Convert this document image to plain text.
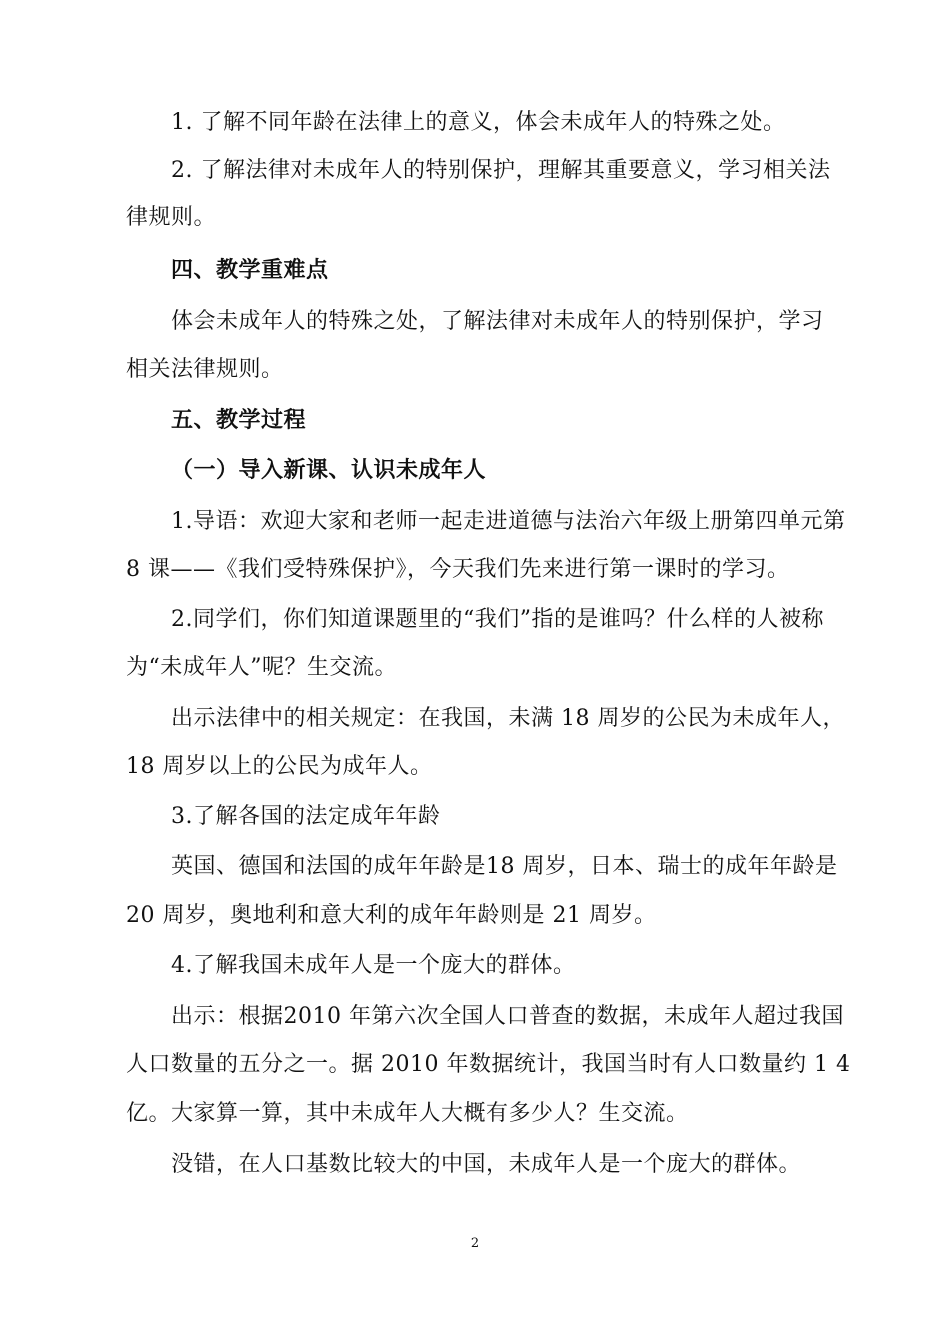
1. 了解不同年龄在法律上的意义，体会未成年人的特殊之处。
2. 了解法律对未成年人的特别保护，理解其重要意义，学习相关法
律规则。
四、教学重难点
体会未成年人的特殊之处，了解法律对未成年人的特别保护，学习
相关法律规则。
五、教学过程
（一）导入新课、认识未成年人
1.导语：欢迎大家和老师一起走进道德与法治六年级上册第四单元第
8 课——《我们受特殊保护》，今天我们先来进行第一课时的学习。
2.同学们，你们知道课题里的“我们”指的是谁吗？什么样的人被称
为“未成年人”呢？生交流。
出示法律中的相关规定：在我国，未满 18 周岁的公民为未成年人，
18 周岁以上的公民为成年人。
3.了解各国的法定成年年龄
英国、德国和法国的成年年龄是18 周岁，日本、瑞士的成年年龄是
20 周岁，奥地利和意大利的成年年龄则是 21 周岁。
4.了解我国未成年人是一个庞大的群体。
出示：根据2010 年第六次全国人口普查的数据，未成年人超过我国
人口数量的五分之一。据 2010 年数据统计，我国当时有人口数量约 1 4
亿。大家算一算，其中未成年人大概有多少人？生交流。
没错，在人口基数比较大的中国，未成年人是一个庞大的群体。
2
